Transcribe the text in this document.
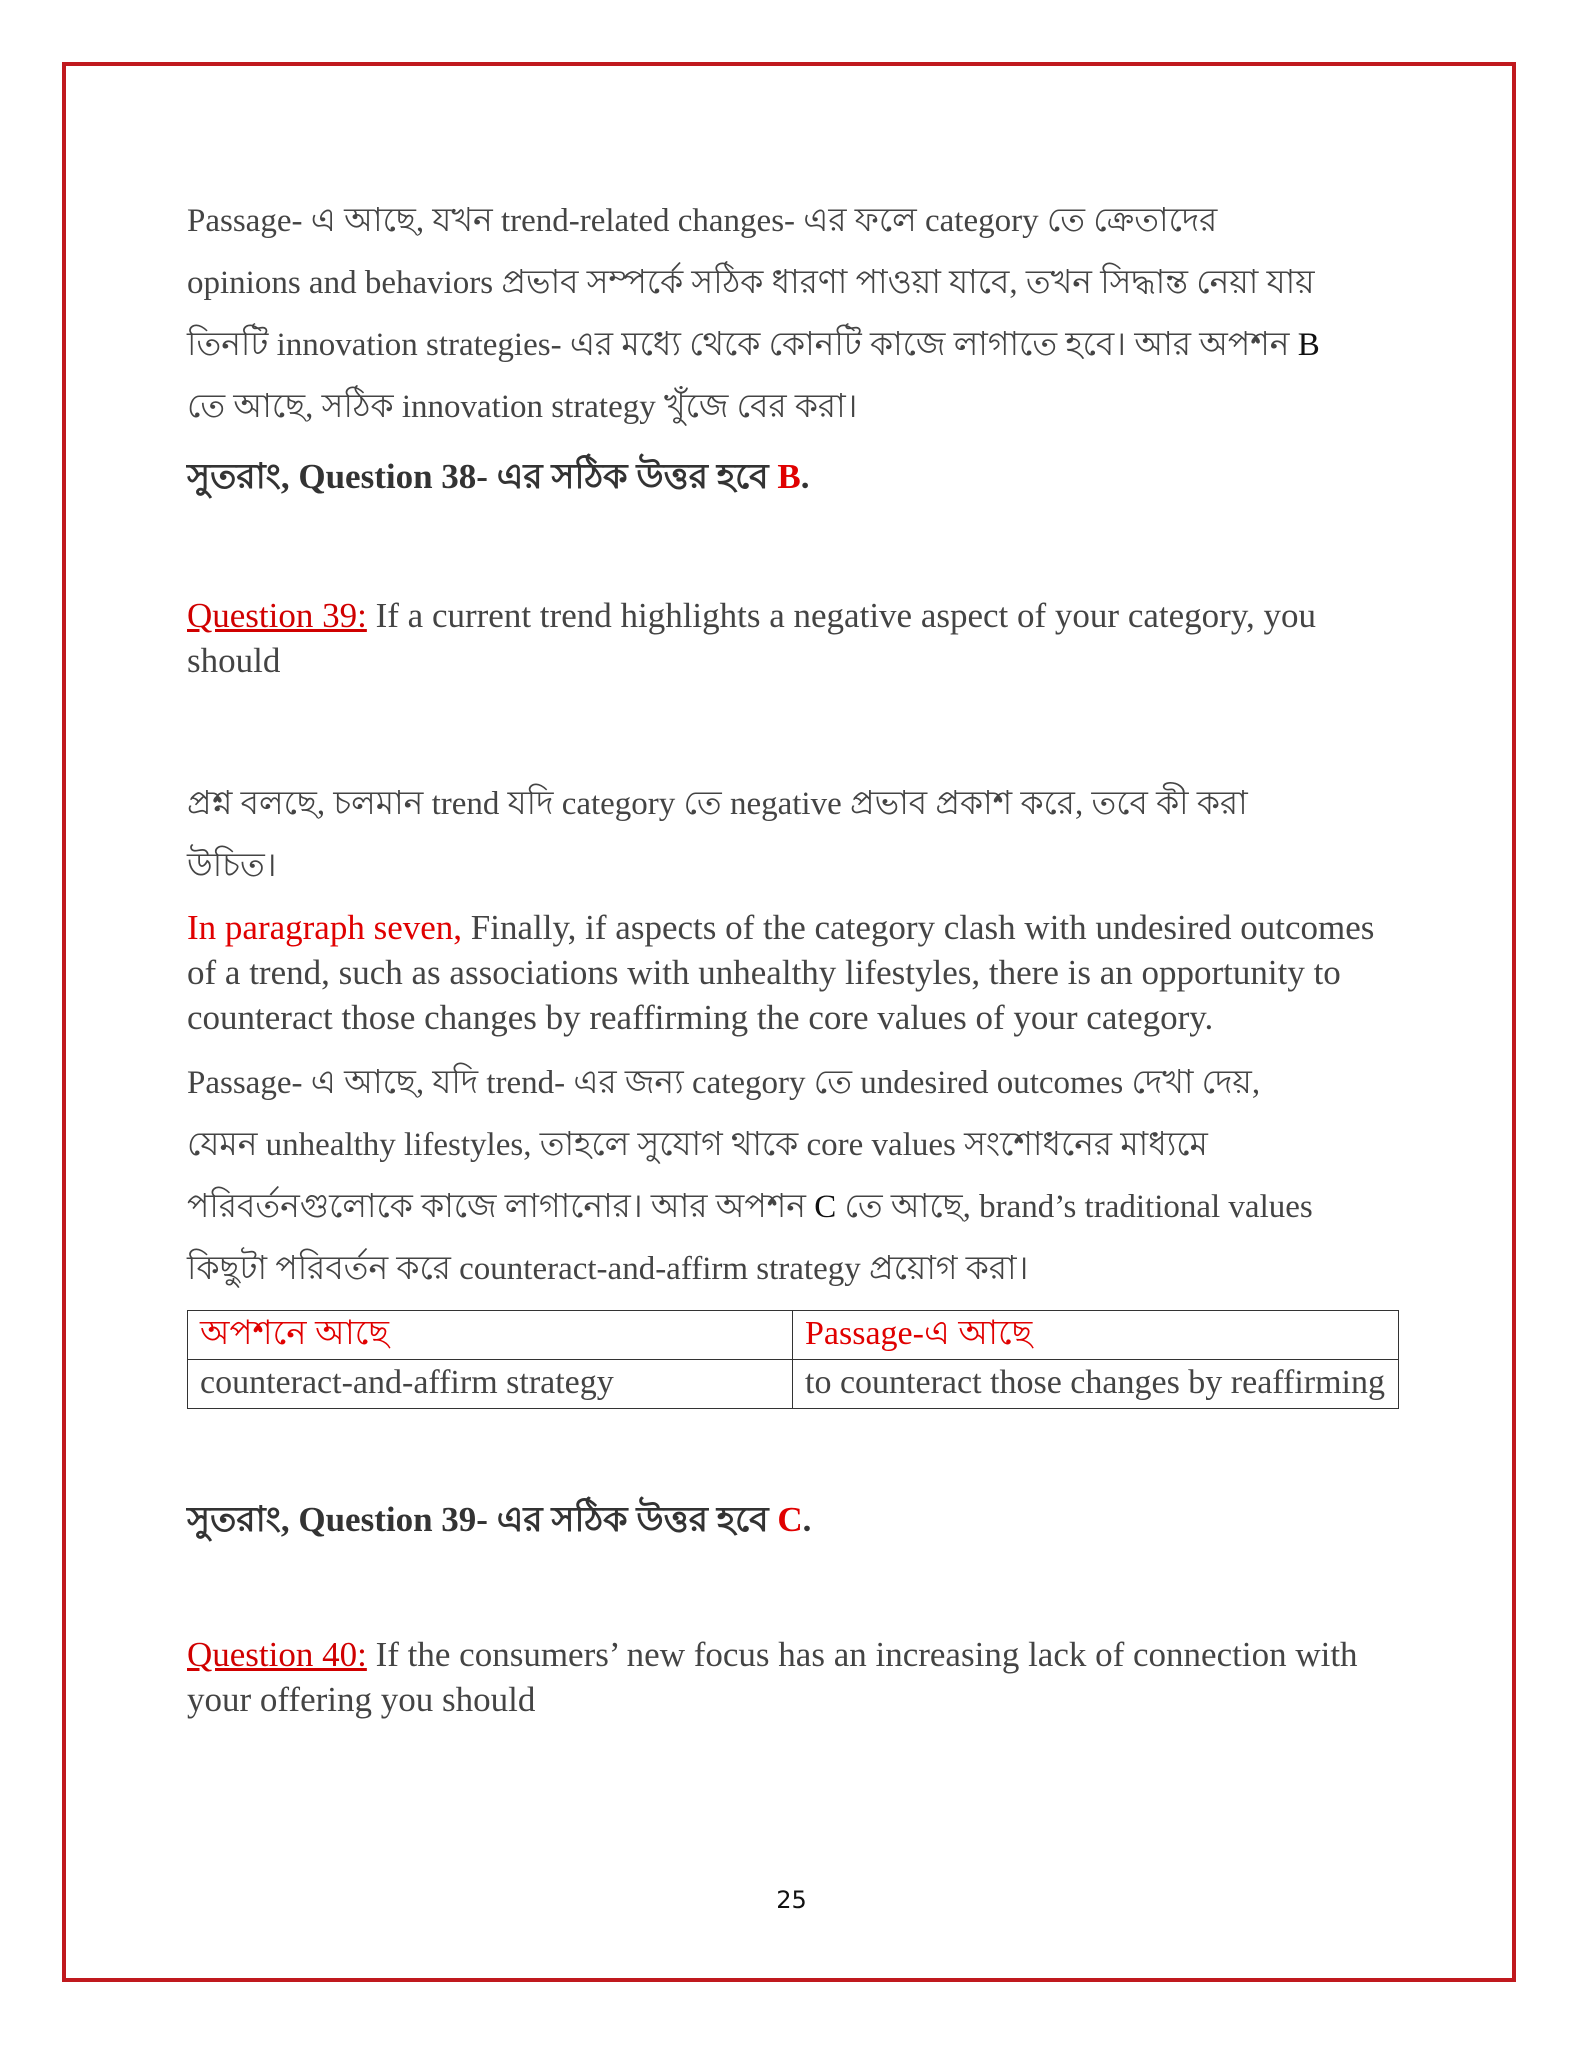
Passage- এ আছে, যখন trend-related changes- এর ফলে category তে ক্রেতাদের

opinions and behaviors প্রভাব সম্পর্কে সঠিক ধারণা পাওয়া যাবে, তখন সিদ্ধান্ত নেয়া যায়

তিনটি innovation strategies- এর মধ্যে থেকে কোনটি কাজে লাগাতে হবে। আর অপশন B

তে আছে, সঠিক innovation strategy খুঁজে বের করা।

সুতরাং, Question 38- এর সঠিক উত্তর হবে B.

Question 39: If a current trend highlights a negative aspect of your category, you should

প্রশ্ন বলছে, চলমান trend যদি category তে negative প্রভাব প্রকাশ করে, তবে কী করা

উচিত।

In paragraph seven, Finally, if aspects of the category clash with undesired outcomes of a trend, such as associations with unhealthy lifestyles, there is an opportunity to counteract those changes by reaffirming the core values of your category.

Passage- এ আছে, যদি trend- এর জন্য category তে undesired outcomes দেখা দেয়,

যেমন unhealthy lifestyles, তাহলে সুযোগ থাকে core values সংশোধনের মাধ্যমে

পরিবর্তনগুলোকে কাজে লাগানোর। আর অপশন C তে আছে, brand’s traditional values

কিছুটা পরিবর্তন করে counteract-and-affirm strategy প্রয়োগ করা।

অপশনে আছে	Passage-এ আছে
counteract-and-affirm strategy	to counteract those changes by reaffirming

সুতরাং, Question 39- এর সঠিক উত্তর হবে C.

Question 40: If the consumers’ new focus has an increasing lack of connection with your offering you should

25
